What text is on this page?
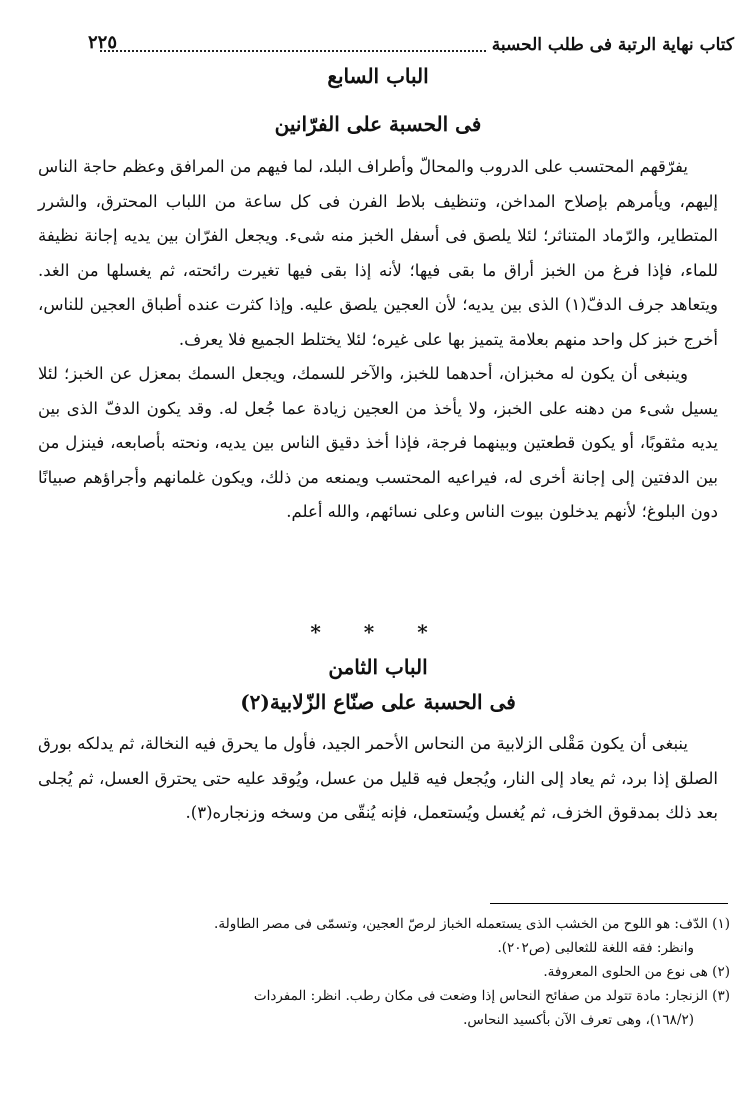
كتاب نهاية الرتبة فى طلب الحسبة
٢٢٥
الباب السابع
فى الحسبة على الفرّانين

يفرّقهم المحتسب على الدروب والمحالّ وأطراف البلد، لما فيهم من المرافق وعظم حاجة الناس إليهم، ويأمرهم بإصلاح المداخن، وتنظيف بلاط الفرن فى كل ساعة من اللباب المحترق، والشرر المتطاير، والرّماد المتناثر؛ لئلا يلصق فى أسفل الخبز منه شىء. ويجعل الفرّان بين يديه إجانة نظيفة للماء، فإذا فرغ من الخبز أراق ما بقى فيها؛ لأنه إذا بقى فيها تغيرت رائحته، ثم يغسلها من الغد. ويتعاهد جرف الدفّ(١) الذى بين يديه؛ لأن العجين يلصق عليه. وإذا كثرت عنده أطباق العجين للناس، أخرج خبز كل واحد منهم بعلامة يتميز بها على غيره؛ لئلا يختلط الجميع فلا يعرف.

وينبغى أن يكون له مخبزان، أحدهما للخبز، والآخر للسمك، ويجعل السمك بمعزل عن الخبز؛ لئلا يسيل شىء من دهنه على الخبز، ولا يأخذ من العجين زيادة عما جُعل له. وقد يكون الدفّ الذى بين يديه مثقوبًا، أو يكون قطعتين وبينهما فرجة، فإذا أخذ دقيق الناس بين يديه، ونحته بأصابعه، فينزل من بين الدفتين إلى إجانة أخرى له، فيراعيه المحتسب ويمنعه من ذلك، ويكون غلمانهم وأجراؤهم صبيانًا دون البلوغ؛ لأنهم يدخلون بيوت الناس وعلى نسائهم، والله أعلم.

* * *
الباب الثامن
فى الحسبة على صنّاع الزّلابية(٢)

ينبغى أن يكون مَقْلى الزلابية من النحاس الأحمر الجيد، فأول ما يحرق فيه النخالة، ثم يدلكه بورق الصلق إذا برد، ثم يعاد إلى النار، ويُجعل فيه قليل من عسل، ويُوقد عليه حتى يحترق العسل، ثم يُجلى بعد ذلك بمدقوق الخزف، ثم يُغسل ويُستعمل، فإنه يُنقّى من وسخه وزنجاره(٣).

(١) الدّف: هو اللوح من الخشب الذى يستعمله الخباز لرصّ العجين، وتسمّى فى مصر الطاولة.

وانظر: فقه اللغة للثعالبى (ص٢٠٢).

(٢) هى نوع من الحلوى المعروفة.

(٣) الزنجار: مادة تتولد من صفائح النحاس إذا وضعت فى مكان رطب. انظر: المفردات

(١٦٨/٢)، وهى تعرف الآن بأكسيد النحاس.
